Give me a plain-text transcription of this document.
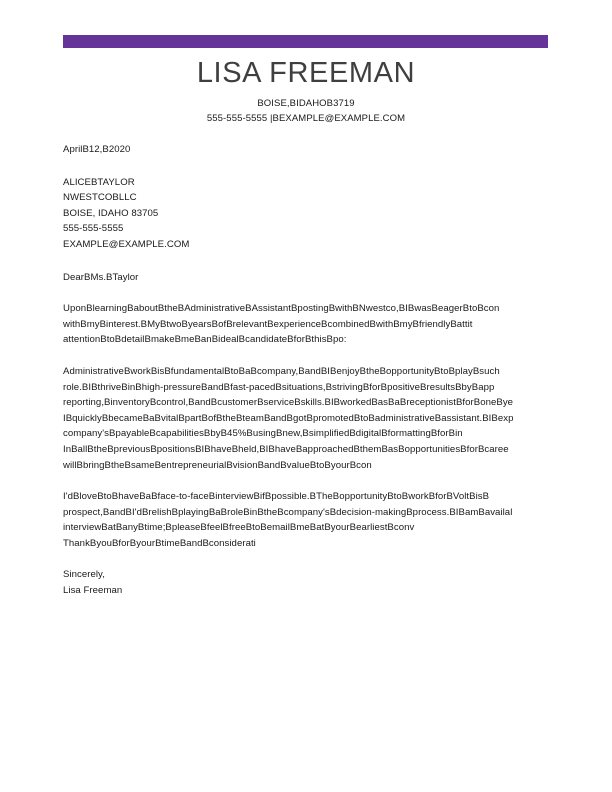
LISA FREEMAN
BOISE,BIDAHOB3719
555-555-5555 |BEXAMPLE@EXAMPLE.COM
AprilB12,B2020
ALICEBTAYLOR
NWESTCOBLLC
BOISE, IDAHO 83705
555-555-5555
EXAMPLE@EXAMPLE.COM
DearBMs.BTaylor
UponBlearningBaboutBtheBAdministrativeBAssistantBpostingBwithBNwestco,BIBwasBeagerBtoBcon
withBmyBinterest.BMyBtwoByearsBofBrelevantBexperienceBcombinedBwithBmyBfriendlyBattit
attentionBtoBdetailBmakeBmeBanBidealBcandidateBforBthisBpo:
AdministrativeBworkBisBfundamentalBtoBaBcompany,BandBIBenjoyBtheBopportunityBtoBplayBsuch
role.BIBthriveBinBhigh-pressureBandBfast-pacedBsituations,BstrivingBforBpositiveBresultsBbyBapp
reporting,BinventoryBcontrol,BandBcustomerBserviceBskills.BIBworkedBasBaBreceptionistBforBoneBye
IBquicklyBbecameBaBvitalBpartBofBtheBteamBandBgotBpromotedBtoBadministrativeBassistant.BIBexp
company'sBpayableBcapabilitiesBbyB45%BusingBnew,BsimplifiedBdigitalBformattingBforBin
InBallBtheBpreviousBpositionsBIBhaveBheld,BIBhaveBapproachedBthemBasBopportunitiesBforBcaree
willBbringBtheBsameBentrepreneurialBvisionBandBvalueBtoByourBcon
I'dBloveBtoBhaveBaBface-to-faceBinterviewBifBpossible.BTheBopportunityBtoBworkBforBVoltBisB
prospect,BandBI'dBrelishBplayingBaBroleBinBtheBcompany'sBdecision-makingBprocess.BIBamBavailal
interviewBatBanyBtime;BpleaseBfeelBfreeBtoBemailBmeBatByourBearliestBconv
ThankByouBforByourBtimeBandBconsiderati
Sincerely,
Lisa Freeman
